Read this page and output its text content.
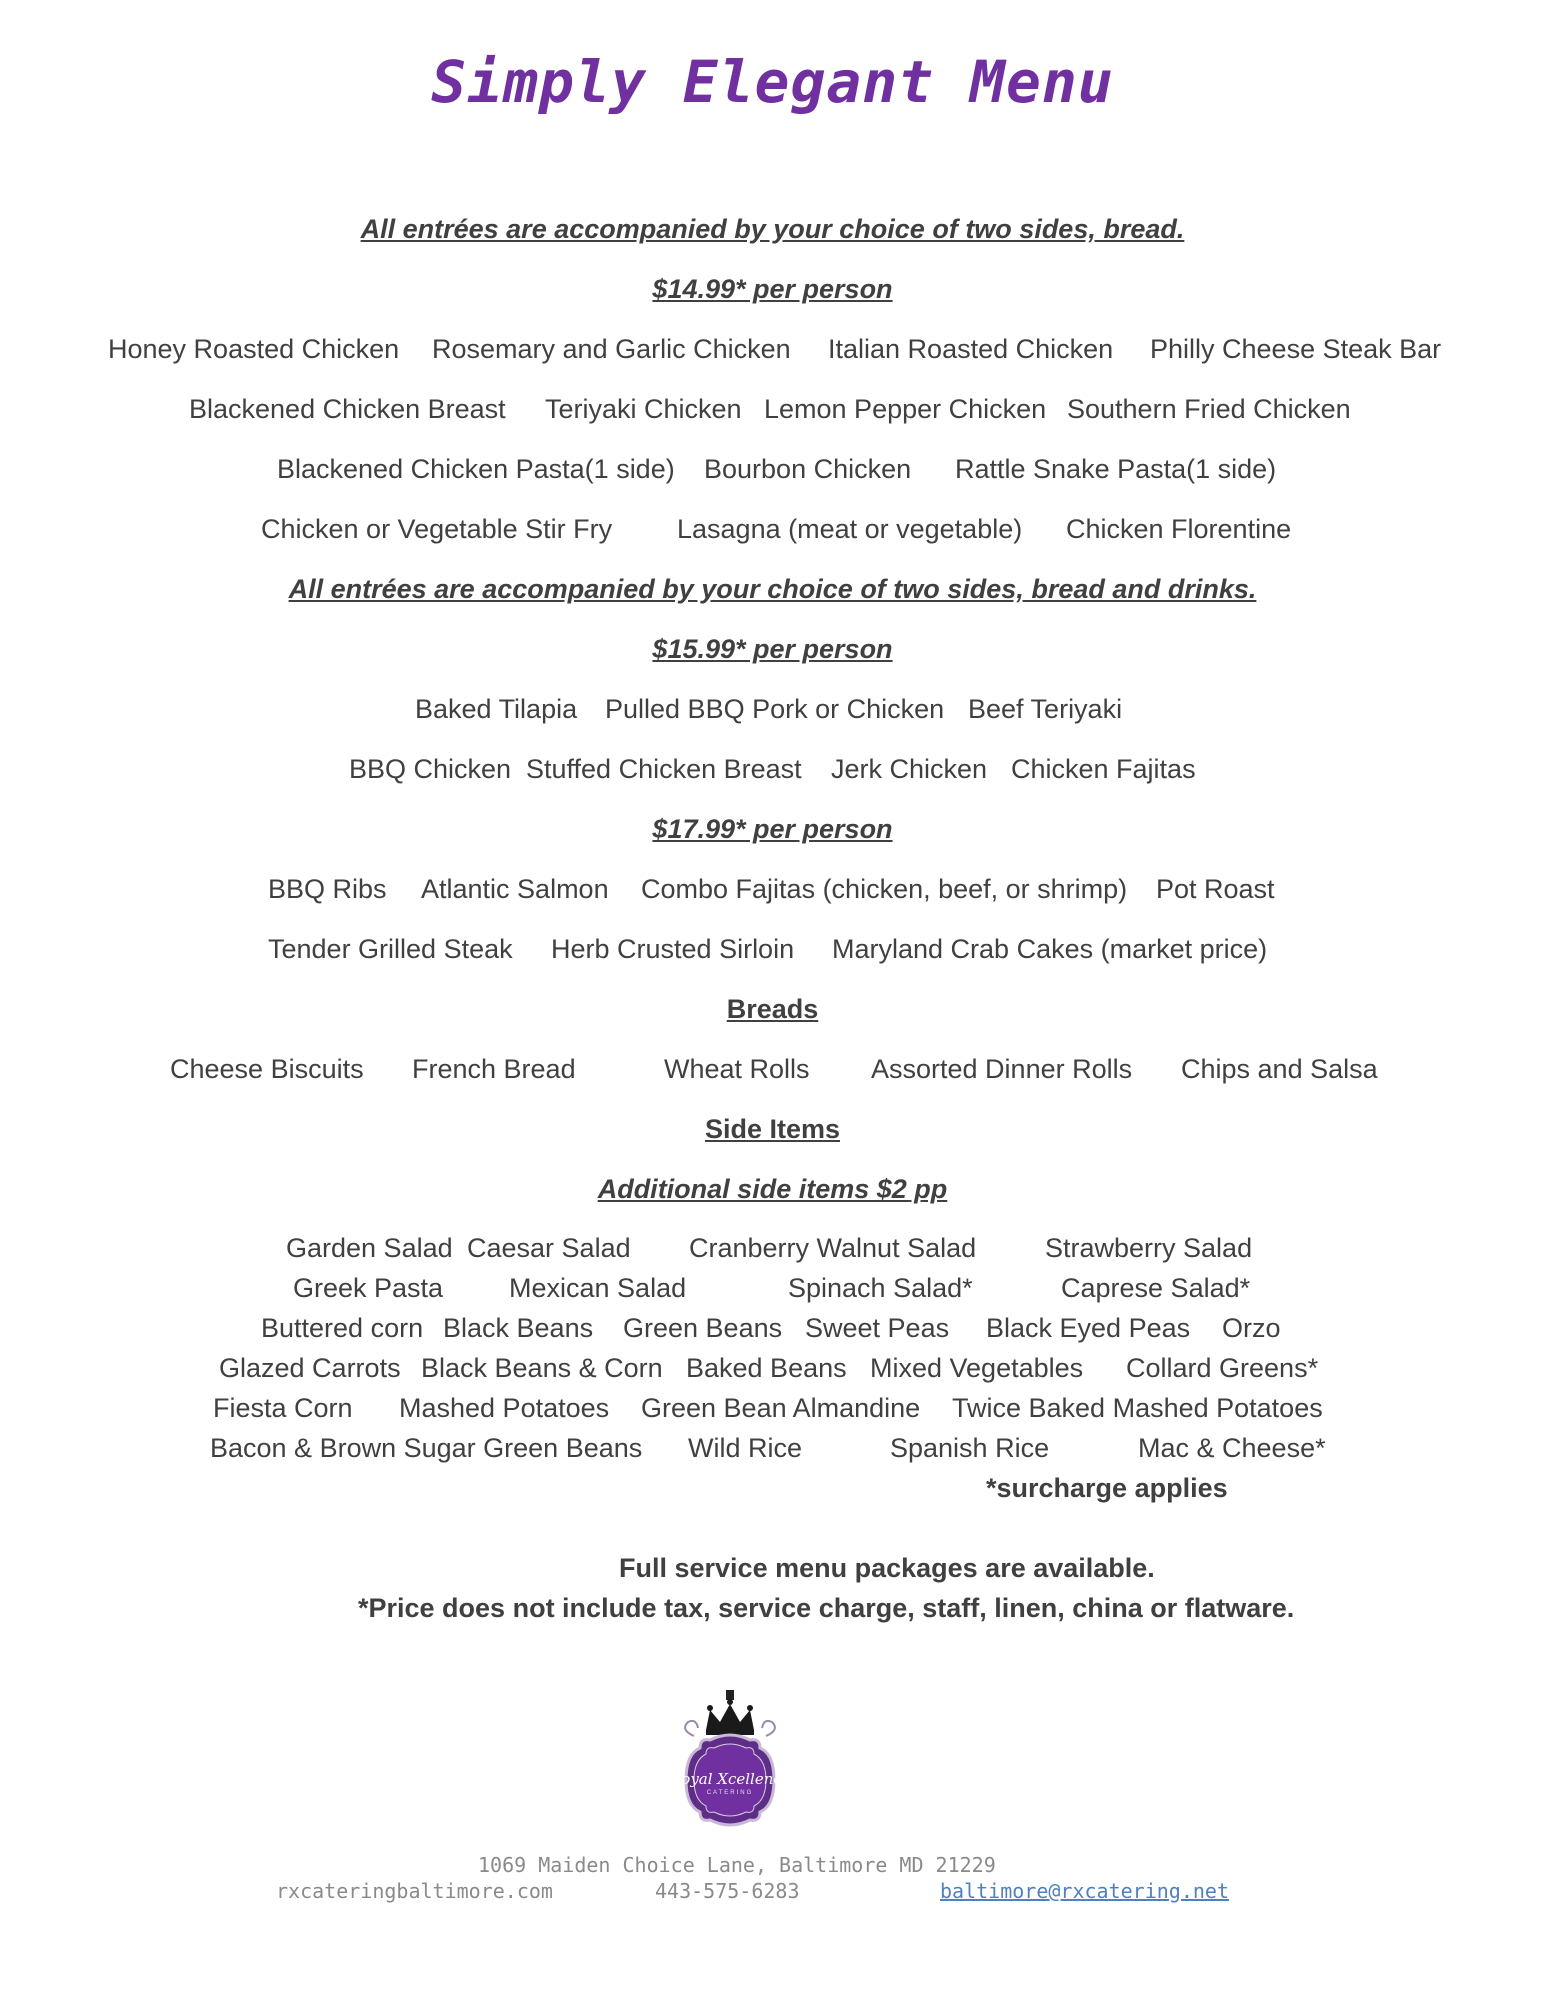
Simply Elegant Menu
All entrées are accompanied by your choice of two sides, bread.
$14.99* per person
Honey Roasted Chicken Rosemary and Garlic Chicken Italian Roasted Chicken Philly Cheese Steak Bar
Blackened Chicken Breast Teriyaki Chicken Lemon Pepper Chicken Southern Fried Chicken
Blackened Chicken Pasta(1 side) Bourbon Chicken Rattle Snake Pasta(1 side)
Chicken or Vegetable Stir Fry Lasagna (meat or vegetable) Chicken Florentine
All entrées are accompanied by your choice of two sides, bread and drinks.
$15.99* per person
Baked Tilapia Pulled BBQ Pork or Chicken Beef Teriyaki
BBQ Chicken Stuffed Chicken Breast Jerk Chicken Chicken Fajitas
$17.99* per person
BBQ Ribs Atlantic Salmon Combo Fajitas (chicken, beef, or shrimp) Pot Roast
Tender Grilled Steak Herb Crusted Sirloin Maryland Crab Cakes (market price)
Breads
Cheese Biscuits French Bread	Wheat Rolls Assorted Dinner Rolls Chips and Salsa
Side Items
Additional side items $2 pp
Garden Salad Caesar Salad Cranberry Walnut Salad	Strawberry Salad
Greek Pasta Mexican Salad	Spinach Salad*	Caprese Salad*
Buttered corn Black Beans Green Beans Sweet Peas Black Eyed Peas Orzo
Glazed Carrots Black Beans & Corn Baked Beans Mixed Vegetables Collard Greens*
Fiesta Corn Mashed Potatoes Green Bean Almandine Twice Baked Mashed Potatoes
Bacon & Brown Sugar Green Beans Wild Rice	Spanish Rice	Mac & Cheese*
*surcharge applies
Full service menu packages are available.
*Price does not include tax, service charge, staff, linen, china or flatware.
Royal Xcellence
CATERING
1069 Maiden Choice Lane, Baltimore MD 21229
rxcateringbaltimore.com	443-575-6283	baltimore@rxcatering.net
